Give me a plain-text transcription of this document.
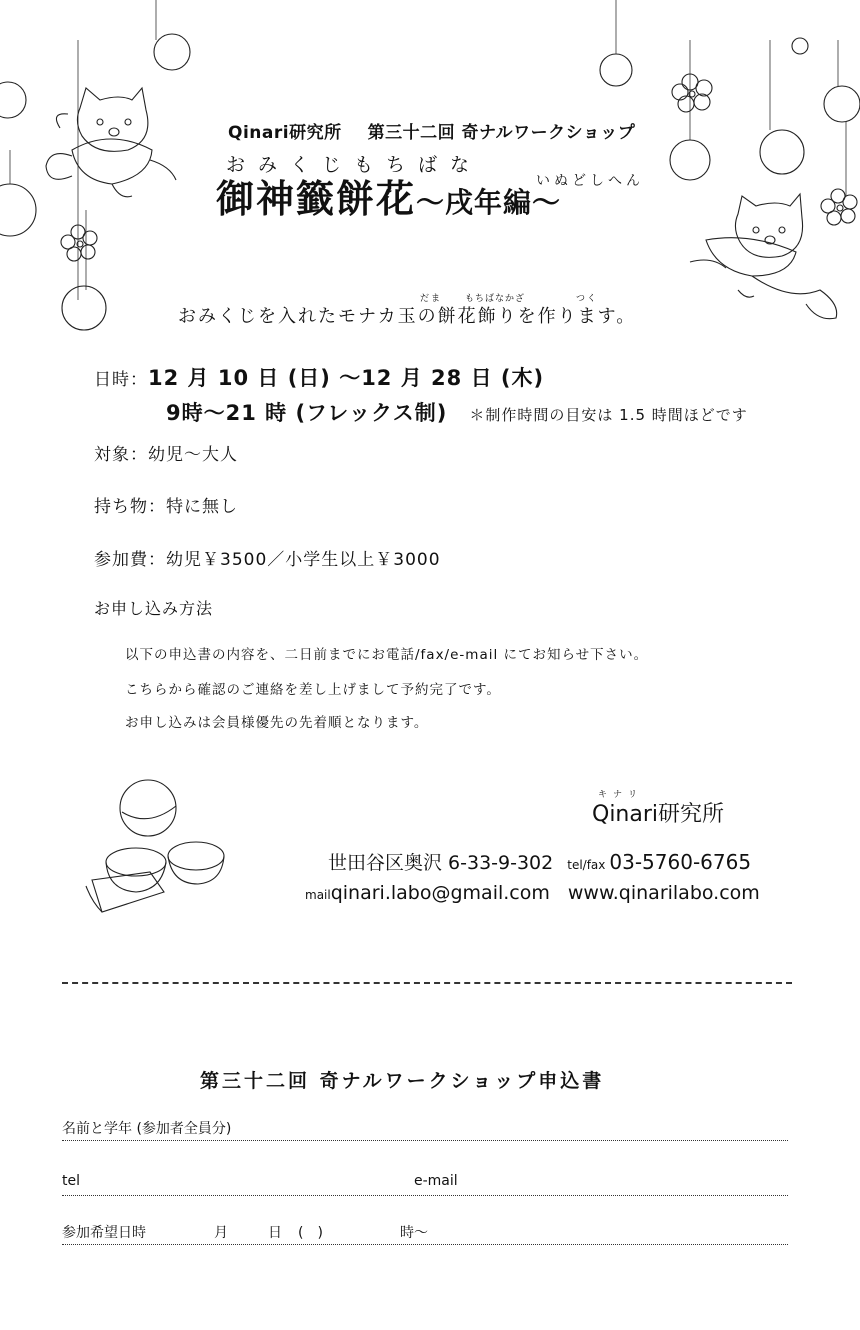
Qinari研究所 第三十二回 奇ナルワークショップ
おみくじもちばな
いぬどしへん
御神籤餅花～戌年編～
だま	もちばなかざ	つく
おみくじを入れたモナカ玉の餅花飾りを作ります。
日時：12 月 10 日 (日) ～12 月 28 日 (木)
9時～21 時 (フレックス制) ＊制作時間の目安は 1.5 時間ほどです
対象：幼児～大人
持ち物：特に無し
参加費：幼児￥3500／小学生以上￥3000
お申し込み方法
以下の申込書の内容を、二日前までにお電話/fax/e-mail にてお知らせ下さい。
こちらから確認のご連絡を差し上げまして予約完了です。
お申し込みは会員様優先の先着順となります。
キナリ
Qinari研究所
世田谷区奥沢 6-33-9-302 tel/fax 03-5760-6765
mailqinari.labo@gmail.com www.qinarilabo.com
第三十二回 奇ナルワークショップ申込書
名前と学年 (参加者全員分)
tel	e-mail
参加希望日時	月	日 (　)	時～
